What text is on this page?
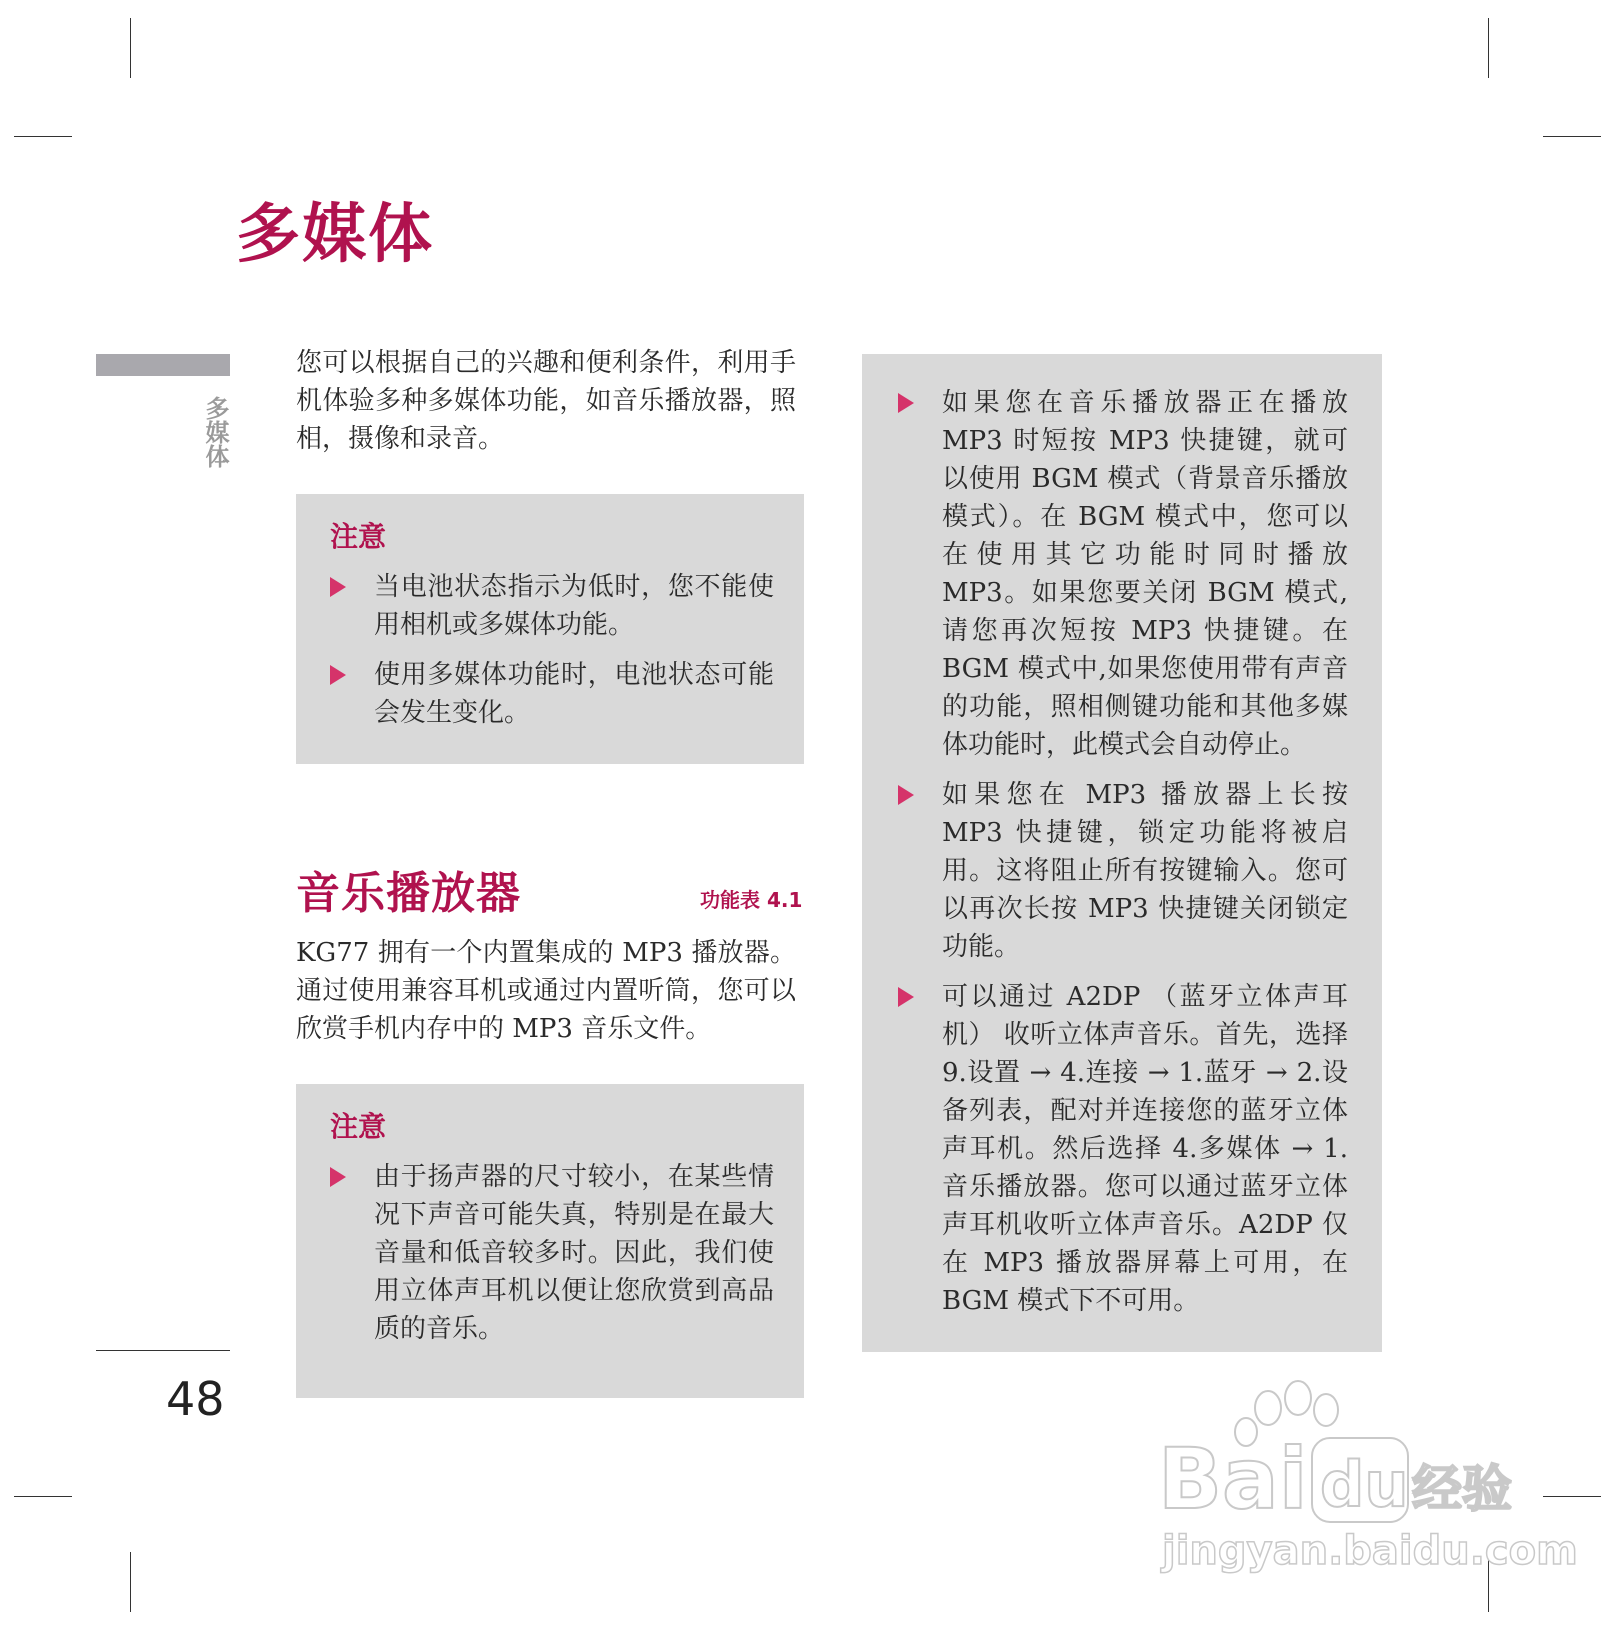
多媒体
多媒体

您可以根据自己的兴趣和便利条件，利用手机体验多种多媒体功能，如音乐播放器，照相，摄像和录音。

注意
当电池状态指示为低时，您不能使用相机或多媒体功能。
使用多媒体功能时，电池状态可能会发生变化。
音乐播放器	功能表 4.1

KG77 拥有一个内置集成的 MP3 播放器。通过使用兼容耳机或通过内置听筒，您可以欣赏手机内存中的 MP3 音乐文件。

注意
由于扬声器的尺寸较小，在某些情况下声音可能失真，特别是在最大音量和低音较多时。因此，我们使用立体声耳机以便让您欣赏到高品质的音乐。
如果您在音乐播放器正在播放 MP3 时短按 MP3 快捷键，就可以使用 BGM 模式（背景音乐播放模式）。在 BGM 模式中，您可以在使用其它功能时同时播放 MP3。如果您要关闭 BGM 模式,请您再次短按 MP3 快捷键。在 BGM 模式中,如果您使用带有声音的功能，照相侧键功能和其他多媒体功能时，此模式会自动停止。
如果您在 MP3 播放器上长按 MP3 快捷键，锁定功能将被启用。这将阻止所有按键输入。您可以再次长按 MP3 快捷键关闭锁定功能。
可以通过 A2DP （蓝牙立体声耳机） 收听立体声音乐。首先，选择 9.设置 → 4.连接 → 1.蓝牙 → 2.设备列表，配对并连接您的蓝牙立体声耳机。然后选择 4.多媒体 → 1.音乐播放器。您可以通过蓝牙立体声耳机收听立体声音乐。A2DP 仅在 MP3 播放器屏幕上可用，在 BGM 模式下不可用。
48
Bai du 经验
jingyan.baidu.com
